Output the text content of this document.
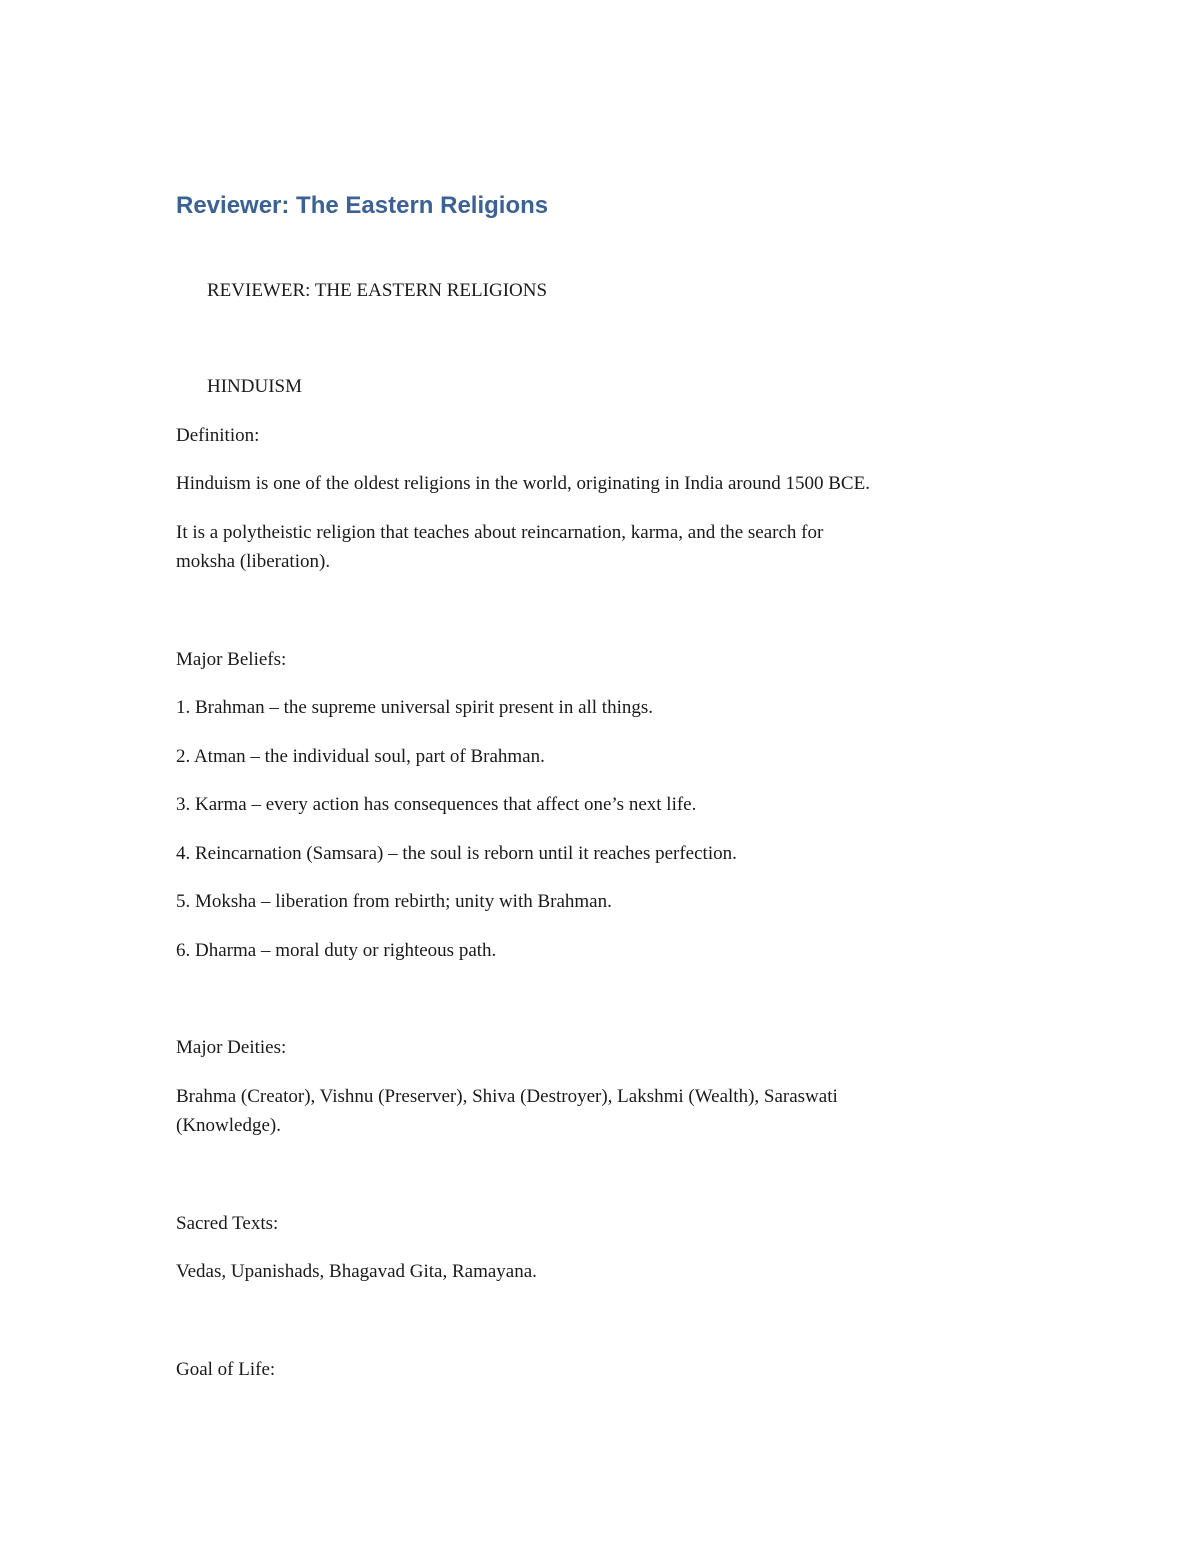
Reviewer: The Eastern Religions

REVIEWER: THE EASTERN RELIGIONS

HINDUISM

Definition:

Hinduism is one of the oldest religions in the world, originating in India around 1500 BCE.

It is a polytheistic religion that teaches about reincarnation, karma, and the search for

moksha (liberation).

Major Beliefs:

1. Brahman – the supreme universal spirit present in all things.

2. Atman – the individual soul, part of Brahman.

3. Karma – every action has consequences that affect one’s next life.

4. Reincarnation (Samsara) – the soul is reborn until it reaches perfection.

5. Moksha – liberation from rebirth; unity with Brahman.

6. Dharma – moral duty or righteous path.

Major Deities:

Brahma (Creator), Vishnu (Preserver), Shiva (Destroyer), Lakshmi (Wealth), Saraswati

(Knowledge).

Sacred Texts:

Vedas, Upanishads, Bhagavad Gita, Ramayana.

Goal of Life:
